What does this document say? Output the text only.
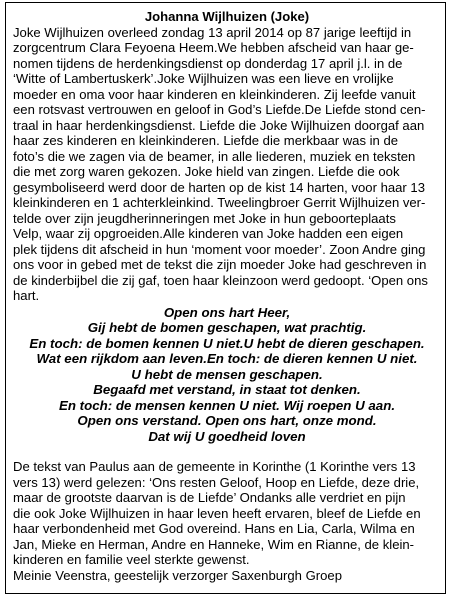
Johanna Wijlhuizen (Joke)

Joke Wijlhuizen overleed zondag 13 april 2014 op 87 jarige leeftijd in

zorgcentrum Clara Feyoena Heem.We hebben afscheid van haar ge-

nomen tijdens de herdenkingsdienst op donderdag 17 april j.l. in de

‘Witte of Lambertuskerk’.Joke Wijlhuizen was een lieve en vrolijke

moeder en oma voor haar kinderen en kleinkinderen. Zij leefde vanuit

een rotsvast vertrouwen en geloof in God’s Liefde.De Liefde stond cen-

traal in haar herdenkingsdienst. Liefde die Joke Wijlhuizen doorgaf aan

haar zes kinderen en kleinkinderen. Liefde die merkbaar was in de

foto’s die we zagen via de beamer, in alle liederen, muziek en teksten

die met zorg waren gekozen. Joke hield van zingen. Liefde die ook

gesymboliseerd werd door de harten op de kist 14 harten, voor haar 13

kleinkinderen en 1 achterkleinkind. Tweelingbroer Gerrit Wijlhuizen ver-

telde over zijn jeugdherinneringen met Joke in hun geboorteplaats

Velp, waar zij opgroeiden.Alle kinderen van Joke hadden een eigen

plek tijdens dit afscheid in hun ‘moment voor moeder’. Zoon Andre ging

ons voor in gebed met de tekst die zijn moeder Joke had geschreven in

de kinderbijbel die zij gaf, toen haar kleinzoon werd gedoopt. ‘Open ons

hart.

Open ons hart Heer,

Gij hebt de bomen geschapen, wat prachtig.

En toch: de bomen kennen U niet.U hebt de dieren geschapen.

Wat een rijkdom aan leven.En toch: de dieren kennen U niet.

U hebt de mensen geschapen.

Begaafd met verstand, in staat tot denken.

En toch: de mensen kennen U niet. Wij roepen U aan.

Open ons verstand. Open ons hart, onze mond.

Dat wij U goedheid loven

De tekst van Paulus aan de gemeente in Korinthe (1 Korinthe vers 13

vers 13) werd gelezen: ‘Ons resten Geloof, Hoop en Liefde, deze drie,

maar de grootste daarvan is de Liefde’ Ondanks alle verdriet en pijn

die ook Joke Wijlhuizen in haar leven heeft ervaren, bleef de Liefde en

haar verbondenheid met God overeind. Hans en Lia, Carla, Wilma en

Jan, Mieke en Herman, Andre en Hanneke, Wim en Rianne, de klein-

kinderen en familie veel sterkte gewenst.

Meinie Veenstra, geestelijk verzorger Saxenburgh Groep
